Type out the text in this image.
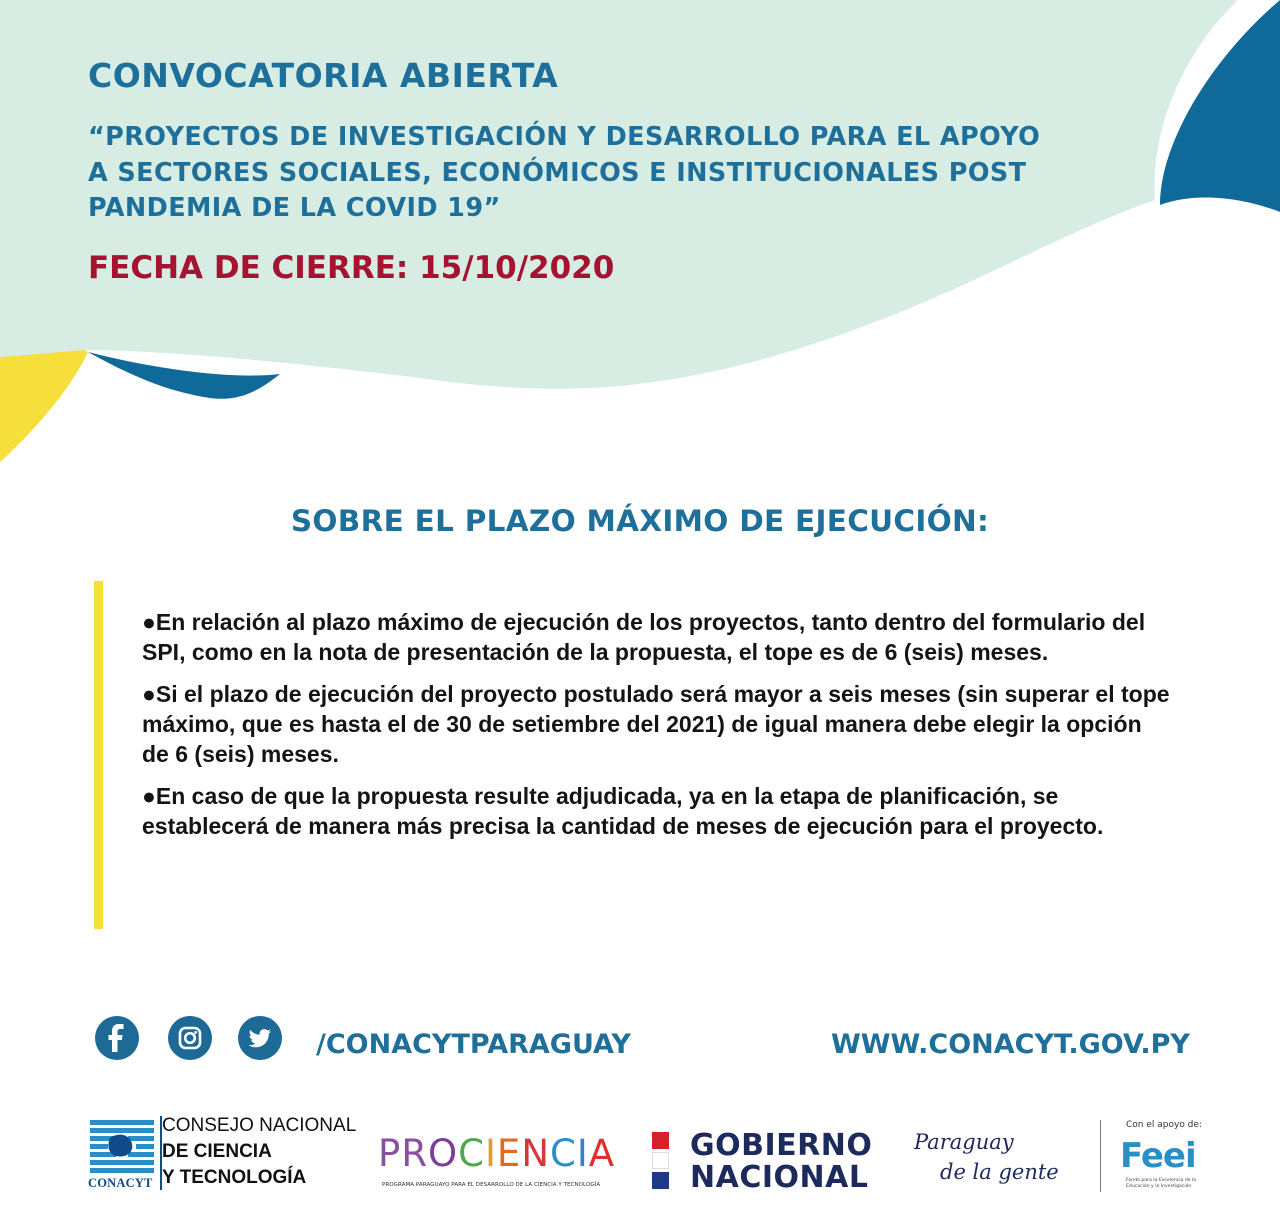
CONVOCATORIA ABIERTA

“PROYECTOS DE INVESTIGACIÓN Y DESARROLLO PARA EL APOYO A SECTORES SOCIALES, ECONÓMICOS E INSTITUCIONALES POST PANDEMIA DE LA COVID 19”

FECHA DE CIERRE: 15/10/2020

SOBRE EL PLAZO MÁXIMO DE EJECUCIÓN:
●En relación al plazo máximo de ejecución de los proyectos, tanto dentro del formulario del SPI, como en la nota de presentación de la propuesta, el tope es de 6 (seis) meses.
●Si el plazo de ejecución del proyecto postulado será mayor a seis meses (sin superar el tope máximo, que es hasta el de 30 de setiembre del 2021) de igual manera debe elegir la opción de 6 (seis) meses.
●En caso de que la propuesta resulte adjudicada, ya en la etapa de planificación, se establecerá de manera más precisa la cantidad de meses de ejecución para el proyecto.
/CONACYTPARAGUAY	WWW.CONACYT.GOV.PY
CONACYT
CONSEJO NACIONAL
DE CIENCIA
Y TECNOLOGÍA
PROCIENCIA
PROGRAMA PARAGUAYO PARA EL DESARROLLO DE LA CIENCIA Y TECNOLOGÍA
GOBIERNO
NACIONAL
Paraguay
de la gente
Con el apoyo de:
Feei
Fondo para la Excelencia de la Educación y la Investigación
